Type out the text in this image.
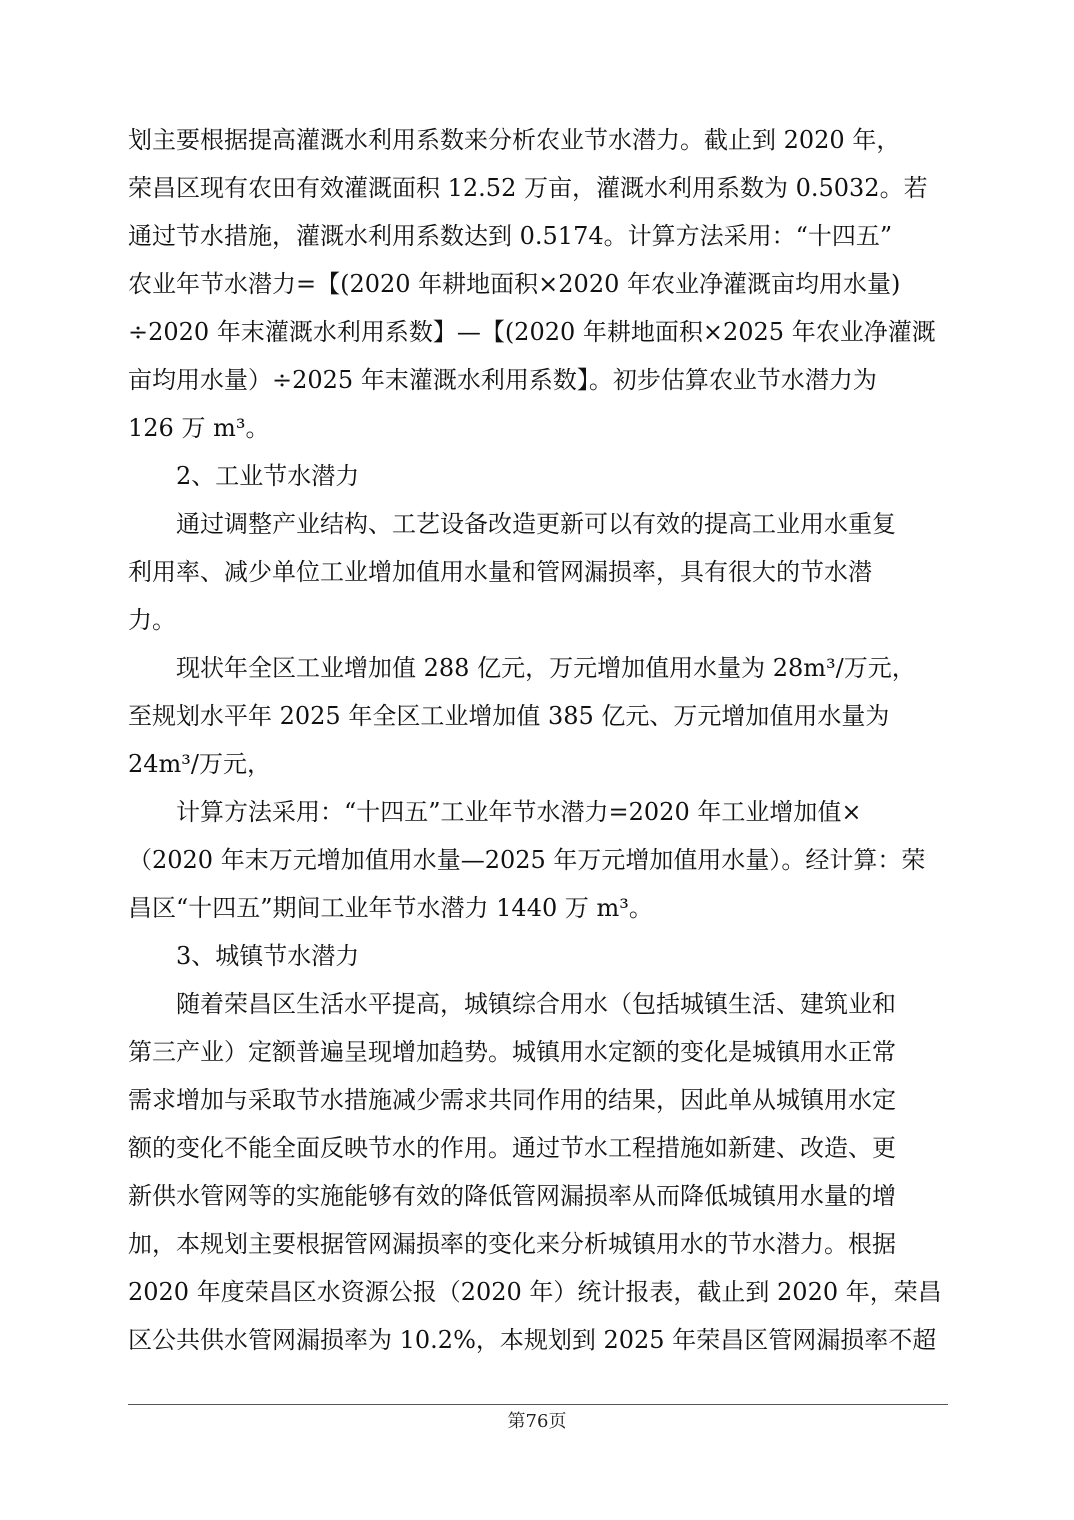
划主要根据提高灌溉水利用系数来分析农业节水潜力。截止到 2020 年，
荣昌区现有农田有效灌溉面积 12.52 万亩，灌溉水利用系数为 0.5032。若
通过节水措施，灌溉水利用系数达到 0.5174。计算方法采用：“十四五”
农业年节水潜力=【(2020 年耕地面积×2020 年农业净灌溉亩均用水量)
÷2020 年末灌溉水利用系数】—【(2020 年耕地面积×2025 年农业净灌溉
亩均用水量）÷2025 年末灌溉水利用系数】。初步估算农业节水潜力为
126 万 m³。
2、工业节水潜力
通过调整产业结构、工艺设备改造更新可以有效的提高工业用水重复
利用率、减少单位工业增加值用水量和管网漏损率，具有很大的节水潜
力。
现状年全区工业增加值 288 亿元，万元增加值用水量为 28m³/万元，
至规划水平年 2025 年全区工业增加值 385 亿元、万元增加值用水量为
24m³/万元，
计算方法采用：“十四五”工业年节水潜力=2020 年工业增加值×
（2020 年末万元增加值用水量—2025 年万元增加值用水量）。经计算：荣
昌区“十四五”期间工业年节水潜力 1440 万 m³。
3、城镇节水潜力
随着荣昌区生活水平提高，城镇综合用水（包括城镇生活、建筑业和
第三产业）定额普遍呈现增加趋势。城镇用水定额的变化是城镇用水正常
需求增加与采取节水措施减少需求共同作用的结果，因此单从城镇用水定
额的变化不能全面反映节水的作用。通过节水工程措施如新建、改造、更
新供水管网等的实施能够有效的降低管网漏损率从而降低城镇用水量的增
加，本规划主要根据管网漏损率的变化来分析城镇用水的节水潜力。根据
2020 年度荣昌区水资源公报（2020 年）统计报表，截止到 2020 年，荣昌
区公共供水管网漏损率为 10.2%，本规划到 2025 年荣昌区管网漏损率不超
第76页
